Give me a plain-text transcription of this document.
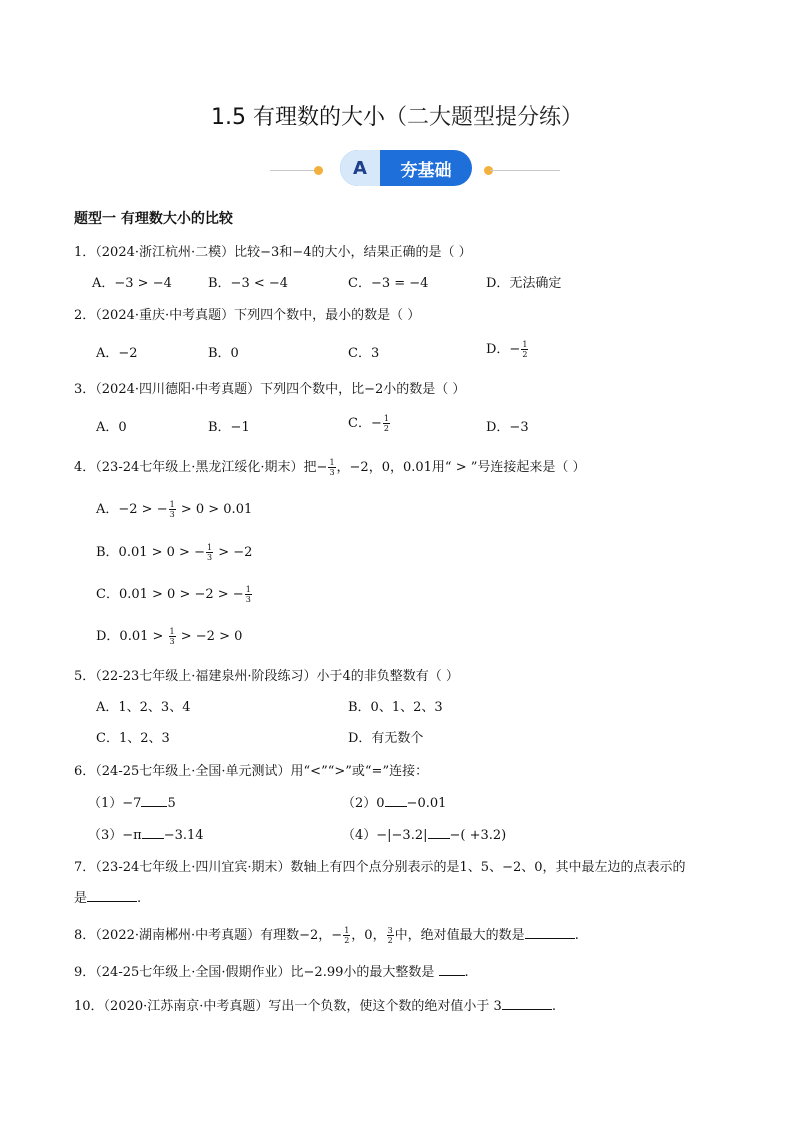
1.5 有理数的大小（二大题型提分练）
A	夯基础
题型一 有理数大小的比较
1．（2024·浙江杭州·二模）比较−3和−4的大小，结果正确的是（ ）
A．−3 > −4	B．−3 < −4	C．−3 = −4	D．无法确定
2．（2024·重庆·中考真题）下列四个数中，最小的数是（ ）
A．−2	B．0	C．3	D．− $\frac{1}{2}$
3．（2024·四川德阳·中考真题）下列四个数中，比−2小的数是（ ）
A．0	B．−1	C．− $\frac{1}{2}$	D．−3
4．（23-24七年级上·黑龙江绥化·期末）把− $\frac{1}{3}$ ，−2，0，0.01用“ > ”号连接起来是（ ）
A．−2 > − $\frac{1}{3} > 0 > 0.01$
B．0.01 > 0 > − $\frac{1}{3} > -2$
C．0.01 > 0 > −2 > − $\frac{1}{3}$
D．$0.01 > \frac{1}{3} > -2 > 0$
5．（22-23七年级上·福建泉州·阶段练习）小于4的非负整数有（ ）
A．1、2、3、4	B．0、1、2、3
C．1、2、3	D．有无数个
6．（24-25七年级上·全国·单元测试）用“<”“>”或“=”连接：
（1）−7 5	（2）0 −0.01
（3）−π −3.14	（4）−|−3.2| −( +3.2)
7．（23-24七年级上·四川宜宾·期末）数轴上有四个点分别表示的是1、5、−2、0，其中最左边的点表示的
是	.
8．（2022·湖南郴州·中考真题）有理数−2，− $\frac{1}{2}$ ，0， $\frac{3}{2}$ 中，绝对值最大的数是	.
9．（24-25七年级上·全国·假期作业）比−2.99小的最大整数是 .
10．（2020·江苏南京·中考真题）写出一个负数，使这个数的绝对值小于 3	.
